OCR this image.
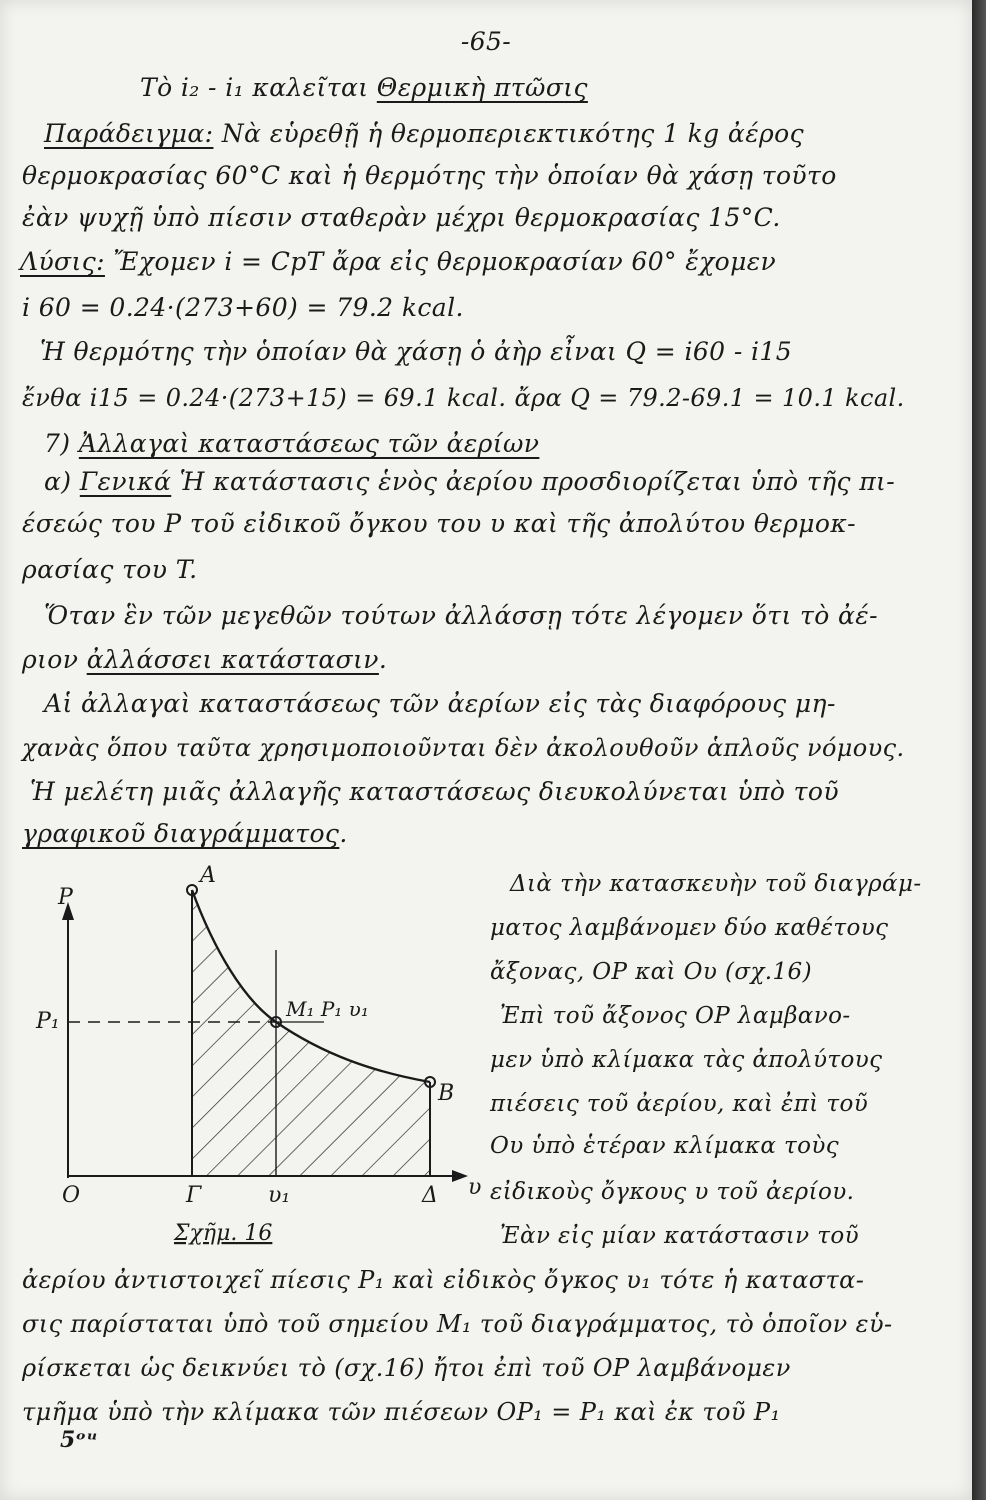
-65-
Τὸ i₂ - i₁ καλεῖται Θερμικὴ πτῶσις
Παράδειγμα: Νὰ εὑρεθῇ ἡ θερμοπεριεκτικότης 1 kg ἀέρος
θερμοκρασίας 60°C καὶ ἡ θερμότης τὴν ὁποίαν θὰ χάσῃ τοῦτο
ἐὰν ψυχῇ ὑπὸ πίεσιν σταθερὰν μέχρι θερμοκρασίας 15°C.
Λύσις: Ἔχομεν i = CpT ἄρα εἰς θερμοκρασίαν 60° ἔχομεν
i 60 = 0.24·(273+60) = 79.2 kcal.
Ἡ θερμότης τὴν ὁποίαν θὰ χάσῃ ὁ ἀὴρ εἶναι Q = i60 - i15
ἔνθα i15 = 0.24·(273+15) = 69.1 kcal. ἄρα Q = 79.2-69.1 = 10.1 kcal.
7) Ἀλλαγαὶ καταστάσεως τῶν ἀερίων
α) Γενικά Ἡ κατάστασις ἑνὸς ἀερίου προσδιορίζεται ὑπὸ τῆς πι-
έσεώς του P τοῦ εἰδικοῦ ὄγκου του υ καὶ τῆς ἀπολύτου θερμοκ-
ρασίας του T.
Ὅταν ἓν τῶν μεγεθῶν τούτων ἀλλάσσῃ τότε λέγομεν ὅτι τὸ ἀέ-
ριον ἀλλάσσει κατάστασιν.
Αἱ ἀλλαγαὶ καταστάσεως τῶν ἀερίων εἰς τὰς διαφόρους μη-
χανὰς ὅπου ταῦτα χρησιμοποιοῦνται δὲν ἀκολουθοῦν ἁπλοῦς νόμους.
Ἡ μελέτη μιᾶς ἀλλαγῆς καταστάσεως διευκολύνεται ὑπὸ τοῦ
γραφικοῦ διαγράμματος.
P
P₁
O
A
M₁ P₁ υ₁
B
Γ	υ₁	Δ υ
Σχῆμ. 16
Διὰ τὴν κατασκευὴν τοῦ διαγράμ-
ματος λαμβάνομεν δύο καθέτους
ἄξονας, OP καὶ Oυ (σχ.16)
Ἐπὶ τοῦ ἄξονος OP λαμβανο-
μεν ὑπὸ κλίμακα τὰς ἀπολύτους
πιέσεις τοῦ ἀερίου, καὶ ἐπὶ τοῦ
Oυ ὑπὸ ἑτέραν κλίμακα τοὺς
εἰδικοὺς ὄγκους υ τοῦ ἀερίου.
Ἐὰν εἰς μίαν κατάστασιν τοῦ
ἀερίου ἀντιστοιχεῖ πίεσις P₁ καὶ εἰδικὸς ὄγκος υ₁ τότε ἡ καταστα-
σις παρίσταται ὑπὸ τοῦ σημείου M₁ τοῦ διαγράμματος, τὸ ὁποῖον εὑ-
ρίσκεται ὡς δεικνύει τὸ (σχ.16) ἤτοι ἐπὶ τοῦ OP λαμβάνομεν
τμῆμα ὑπὸ τὴν κλίμακα τῶν πιέσεων OP₁ = P₁ καὶ ἐκ τοῦ P₁
5ᵒᵘ
